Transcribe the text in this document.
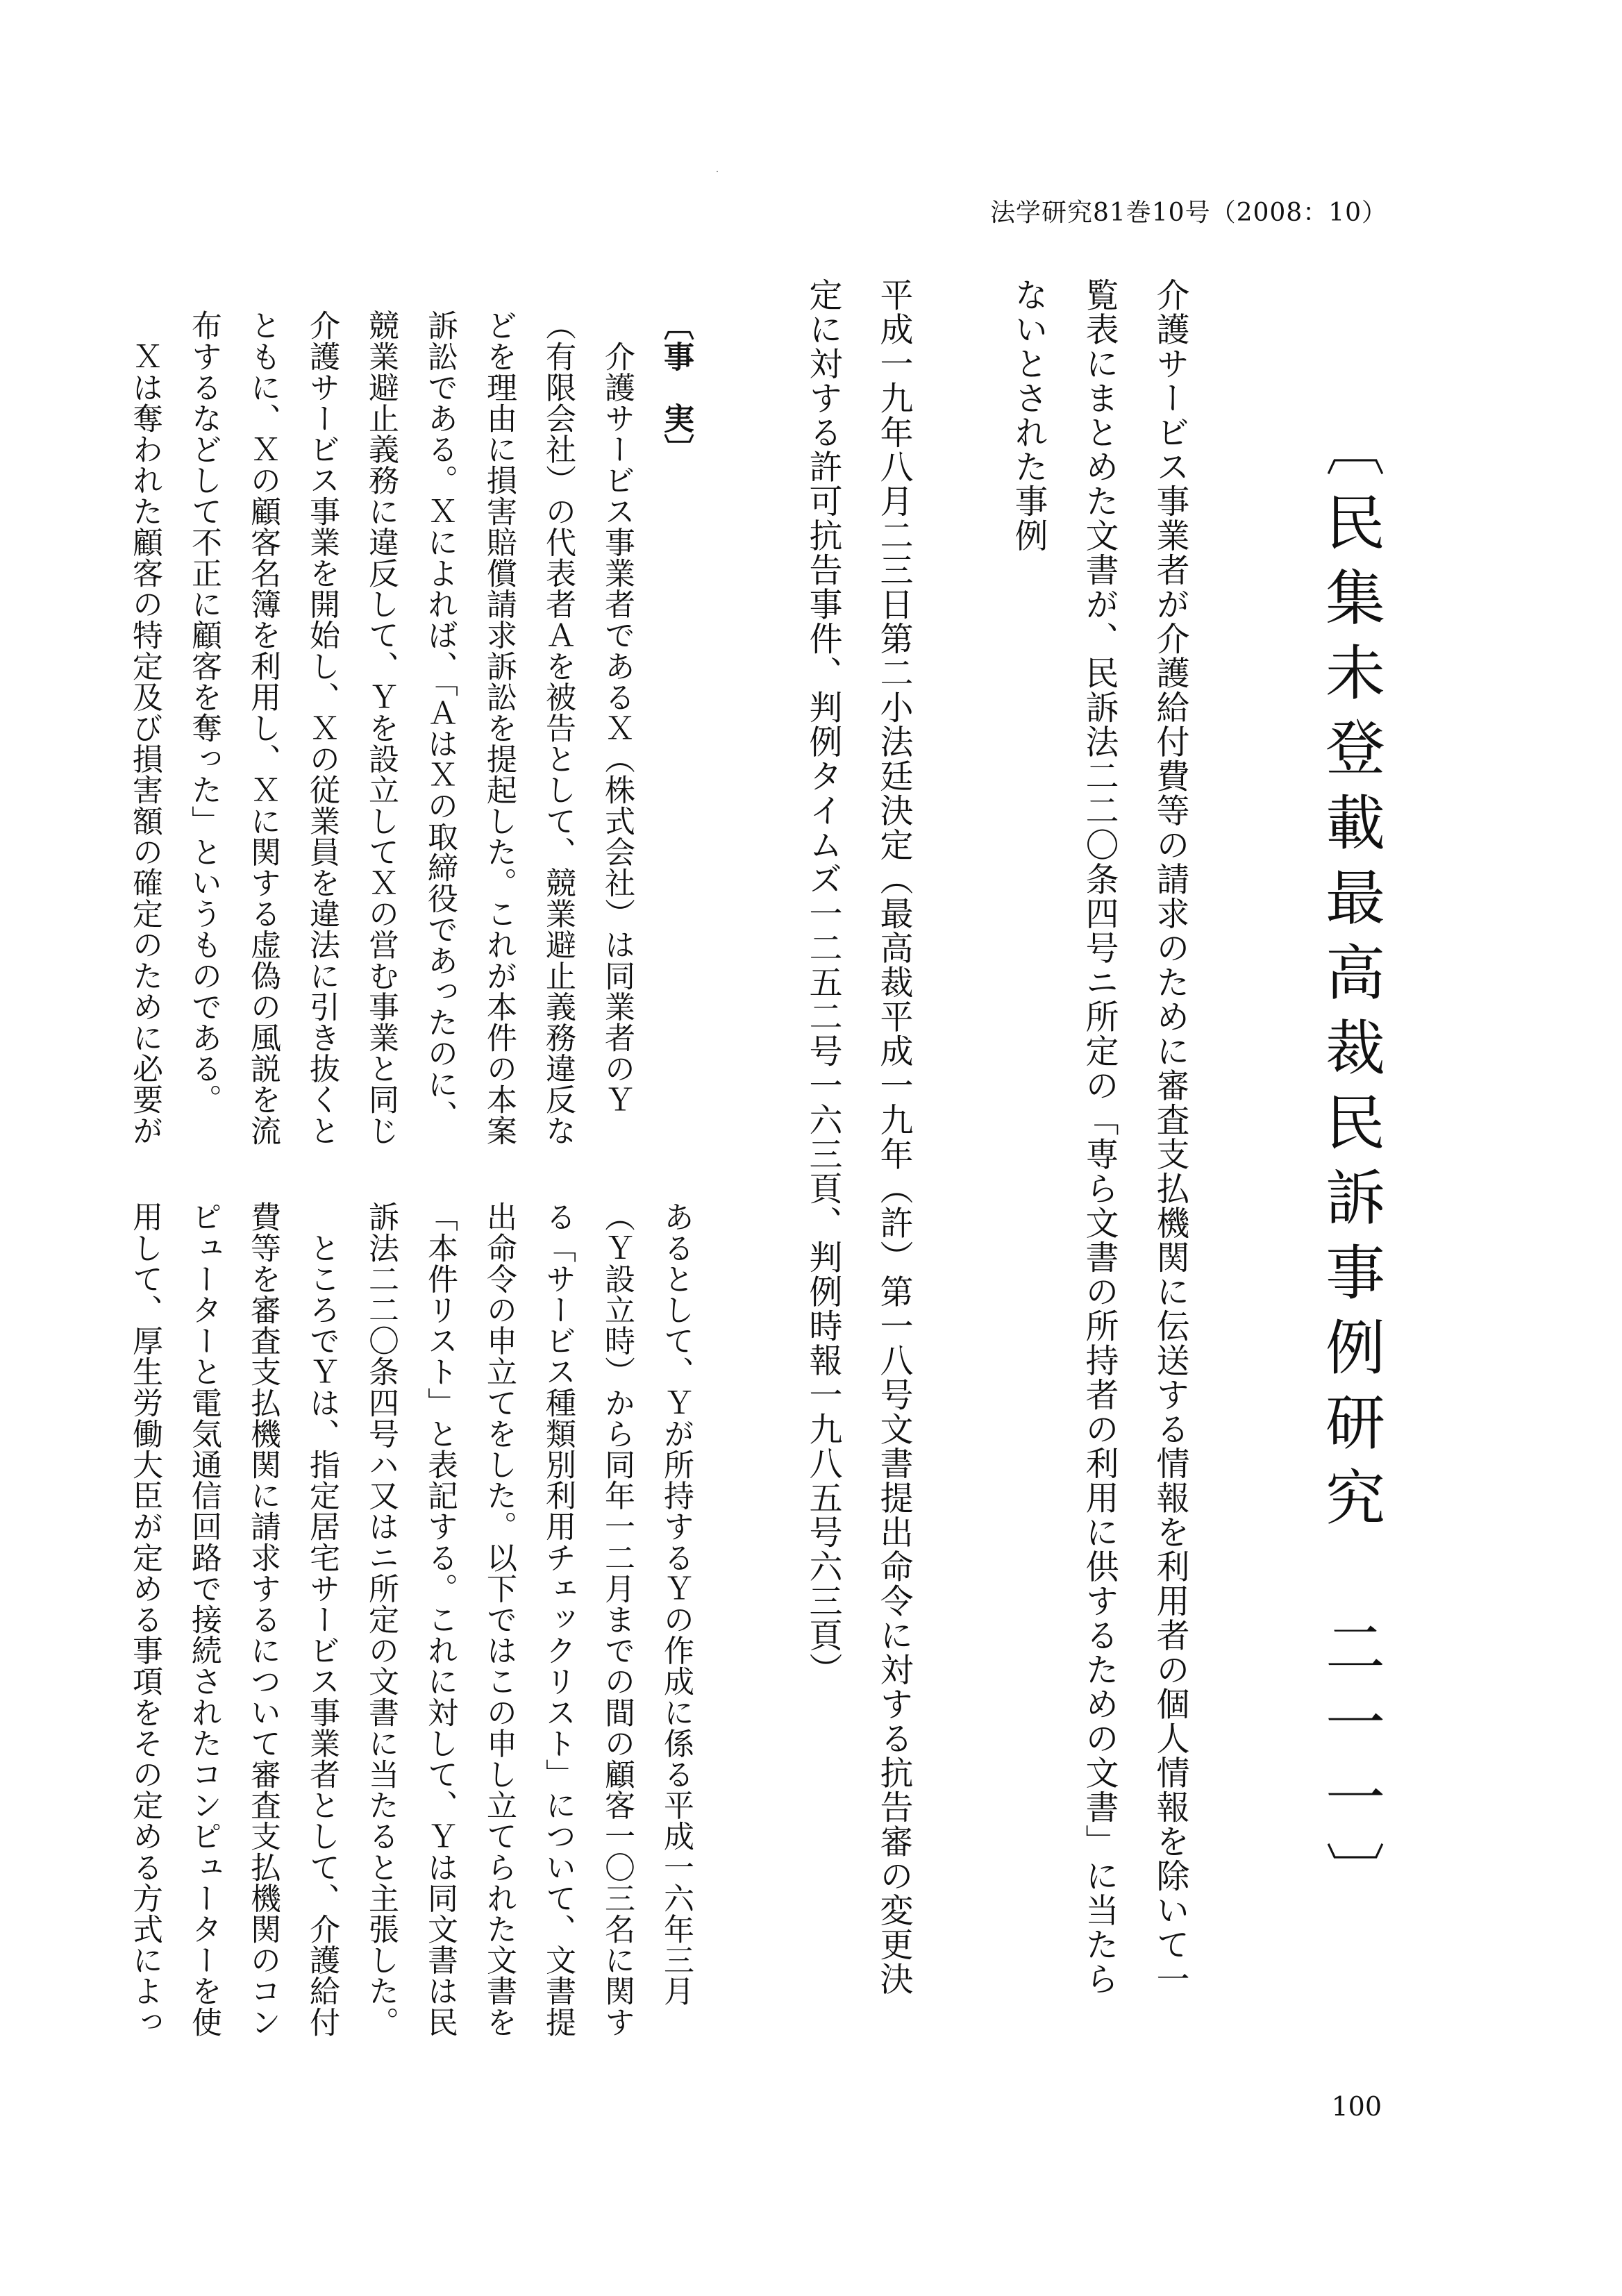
法学研究81巻10号（2008：10）
〔民集未登載最高裁民訴事例研究　二一一〕
介護サービス事業者が介護給付費等の請求のために審査支払機関に伝送する情報を利用者の個人情報を除いて一
覧表にまとめた文書が、民訴法二二〇条四号ニ所定の「専ら文書の所持者の利用に供するための文書」に当たら
ないとされた事例
平成一九年八月二三日第二小法廷決定（最高裁平成一九年（許）第一八号文書提出命令に対する抗告審の変更決
定に対する許可抗告事件、判例タイムズ一二五二号一六三頁、判例時報一九八五号六三頁）
〔事　実〕
　介護サービス事業者であるＸ（株式会社）は同業者のＹ
（有限会社）の代表者Ａを被告として、競業避止義務違反な
どを理由に損害賠償請求訴訟を提起した。これが本件の本案
訴訟である。Ｘによれば、「ＡはＸの取締役であったのに、
競業避止義務に違反して、Ｙを設立してＸの営む事業と同じ
介護サービス事業を開始し、Ｘの従業員を違法に引き抜くと
ともに、Ｘの顧客名簿を利用し、Ｘに関する虚偽の風説を流
布するなどして不正に顧客を奪った」というものである。
　Ｘは奪われた顧客の特定及び損害額の確定のために必要が
あるとして、Ｙが所持するＹの作成に係る平成一六年三月
（Ｙ設立時）から同年一二月までの間の顧客一〇三名に関す
る「サービス種類別利用チェックリスト」について、文書提
出命令の申立てをした。以下ではこの申し立てられた文書を
「本件リスト」と表記する。これに対して、Ｙは同文書は民
訴法二二〇条四号ハ又はニ所定の文書に当たると主張した。
　ところでＹは、指定居宅サービス事業者として、介護給付
費等を審査支払機関に請求するについて審査支払機関のコン
ピューターと電気通信回路で接続されたコンピューターを使
用して、厚生労働大臣が定める事項をその定める方式によっ
100
